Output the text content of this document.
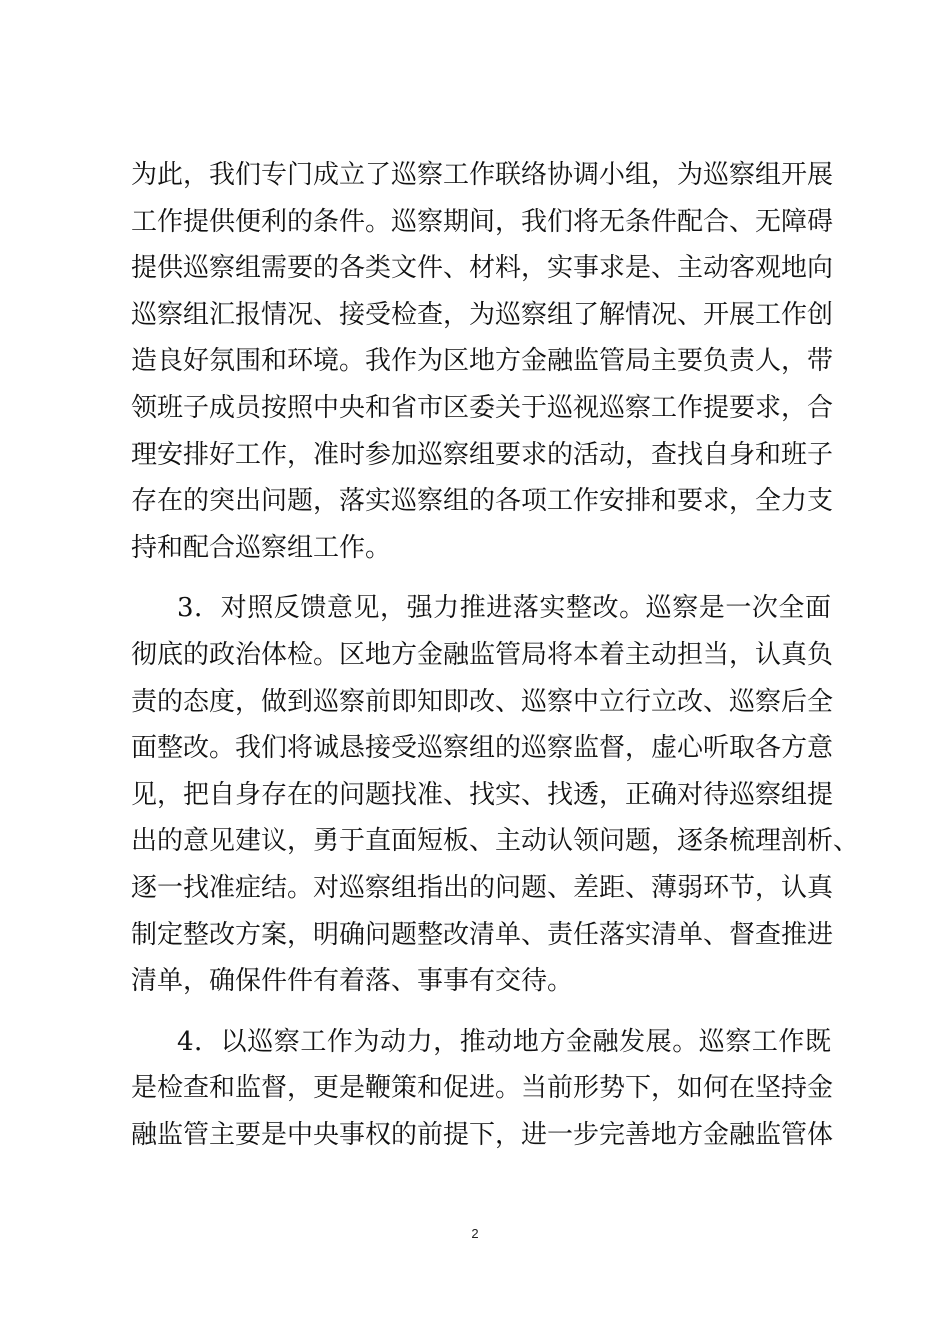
为此，我们专门成立了巡察工作联络协调小组，为巡察组开展
工作提供便利的条件。巡察期间，我们将无条件配合、无障碍
提供巡察组需要的各类文件、材料，实事求是、主动客观地向
巡察组汇报情况、接受检查，为巡察组了解情况、开展工作创
造良好氛围和环境。我作为区地方金融监管局主要负责人，带
领班子成员按照中央和省市区委关于巡视巡察工作提要求，合
理安排好工作，准时参加巡察组要求的活动，查找自身和班子
存在的突出问题，落实巡察组的各项工作安排和要求，全力支
持和配合巡察组工作。
3．对照反馈意见，强力推进落实整改。巡察是一次全面
彻底的政治体检。区地方金融监管局将本着主动担当，认真负
责的态度，做到巡察前即知即改、巡察中立行立改、巡察后全
面整改。我们将诚恳接受巡察组的巡察监督，虚心听取各方意
见，把自身存在的问题找准、找实、找透，正确对待巡察组提
出的意见建议，勇于直面短板、主动认领问题，逐条梳理剖析、
逐一找准症结。对巡察组指出的问题、差距、薄弱环节，认真
制定整改方案，明确问题整改清单、责任落实清单、督查推进
清单，确保件件有着落、事事有交待。
4．以巡察工作为动力，推动地方金融发展。巡察工作既
是检查和监督，更是鞭策和促进。当前形势下，如何在坚持金
融监管主要是中央事权的前提下，进一步完善地方金融监管体
2
